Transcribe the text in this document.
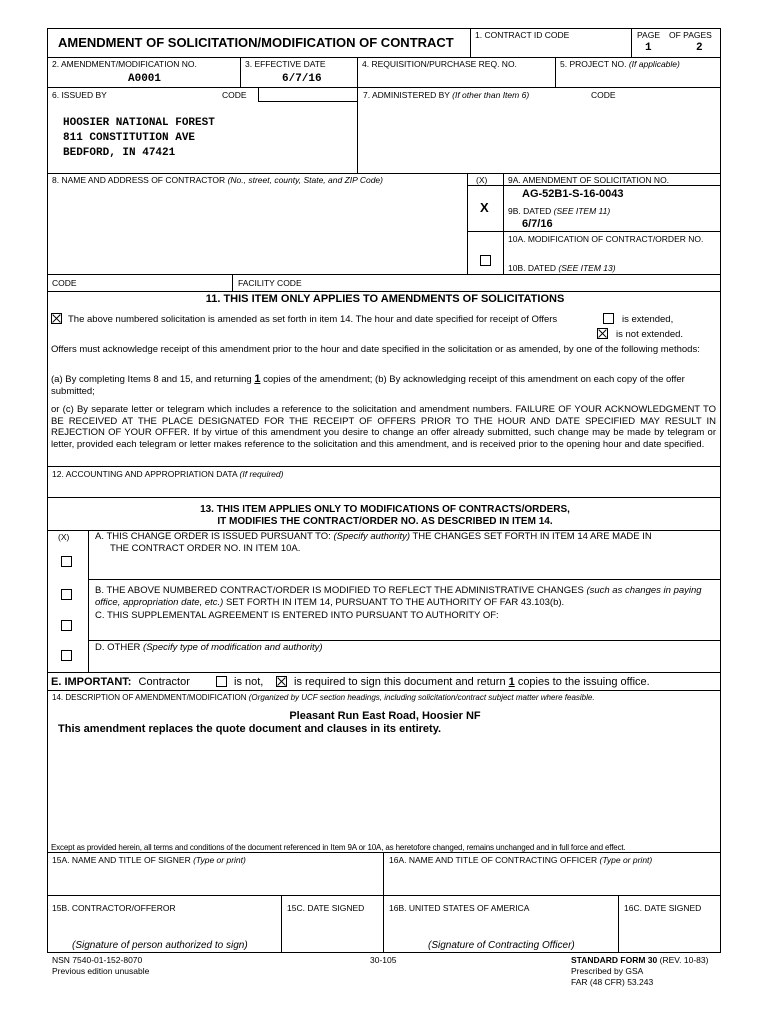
AMENDMENT OF SOLICITATION/MODIFICATION OF CONTRACT	1. CONTRACT ID CODE	PAGE OF PAGES
1	2
2. AMENDMENT/MODIFICATION NO.
A0001
3. EFFECTIVE DATE
6/7/16
4. REQUISITION/PURCHASE REQ. NO.	5. PROJECT NO. (If applicable)
6. ISSUED BY	CODE	7. ADMINISTERED BY (If other than Item 6)	CODE
HOOSIER NATIONAL FOREST
811 CONSTITUTION AVE
BEDFORD, IN 47421
8. NAME AND ADDRESS OF CONTRACTOR (No., street, county, State, and ZIP Code)	(X) 9A. AMENDMENT OF SOLICITATION NO.
AG-52B1-S-16-0043
X 9B. DATED (SEE ITEM 11)
6/7/16
10A. MODIFICATION OF CONTRACT/ORDER NO.
10B. DATED (SEE ITEM 13)
CODE	FACILITY CODE
11. THIS ITEM ONLY APPLIES TO AMENDMENTS OF SOLICITATIONS
The above numbered solicitation is amended as set forth in item 14. The hour and date specified for receipt of Offers	is extended,
is not extended.
Offers must acknowledge receipt of this amendment prior to the hour and date specified in the solicitation or as amended, by one of the following methods:
(a) By completing Items 8 and 15, and returning 1 copies of the amendment; (b) By acknowledging receipt of this amendment on each copy of the offer submitted;
or (c) By separate letter or telegram which includes a reference to the solicitation and amendment numbers. FAILURE OF YOUR ACKNOWLEDGMENT TO BE RECEIVED AT THE PLACE DESIGNATED FOR THE RECEIPT OF OFFERS PRIOR TO THE HOUR AND DATE SPECIFIED MAY RESULT IN REJECTION OF YOUR OFFER. If by virtue of this amendment you desire to change an offer already submitted, such change may be made by telegram or letter, provided each telegram or letter makes reference to the solicitation and this amendment, and is received prior to the opening hour and date specified.
12. ACCOUNTING AND APPROPRIATION DATA (If required)
13. THIS ITEM APPLIES ONLY TO MODIFICATIONS OF CONTRACTS/ORDERS,
IT MODIFIES THE CONTRACT/ORDER NO. AS DESCRIBED IN ITEM 14.
(X)	A. THIS CHANGE ORDER IS ISSUED PURSUANT TO: (Specify authority) THE CHANGES SET FORTH IN ITEM 14 ARE MADE IN
THE CONTRACT ORDER NO. IN ITEM 10A.
B. THE ABOVE NUMBERED CONTRACT/ORDER IS MODIFIED TO REFLECT THE ADMINISTRATIVE CHANGES (such as changes in paying office, appropriation date, etc.) SET FORTH IN ITEM 14, PURSUANT TO THE AUTHORITY OF FAR 43.103(b).
C. THIS SUPPLEMENTAL AGREEMENT IS ENTERED INTO PURSUANT TO AUTHORITY OF:
D. OTHER (Specify type of modification and authority)
E. IMPORTANT: Contractor	is not,	is required to sign this document and return 1 copies to the issuing office.
14. DESCRIPTION OF AMENDMENT/MODIFICATION (Organized by UCF section headings, including solicitation/contract subject matter where feasible.
Pleasant Run East Road, Hoosier NF
This amendment replaces the quote document and clauses in its entirety.
Except as provided herein, all terms and conditions of the document referenced in Item 9A or 10A, as heretofore changed, remains unchanged and in full force and effect.
15A. NAME AND TITLE OF SIGNER (Type or print)	16A. NAME AND TITLE OF CONTRACTING OFFICER (Type or print)
15B. CONTRACTOR/OFFEROR	15C. DATE SIGNED	16B. UNITED STATES OF AMERICA	16C. DATE SIGNED
(Signature of person authorized to sign)	(Signature of Contracting Officer)
NSN 7540-01-152-8070
Previous edition unusable
30-105	STANDARD FORM 30 (REV. 10-83)
Prescribed by GSA
FAR (48 CFR) 53.243
